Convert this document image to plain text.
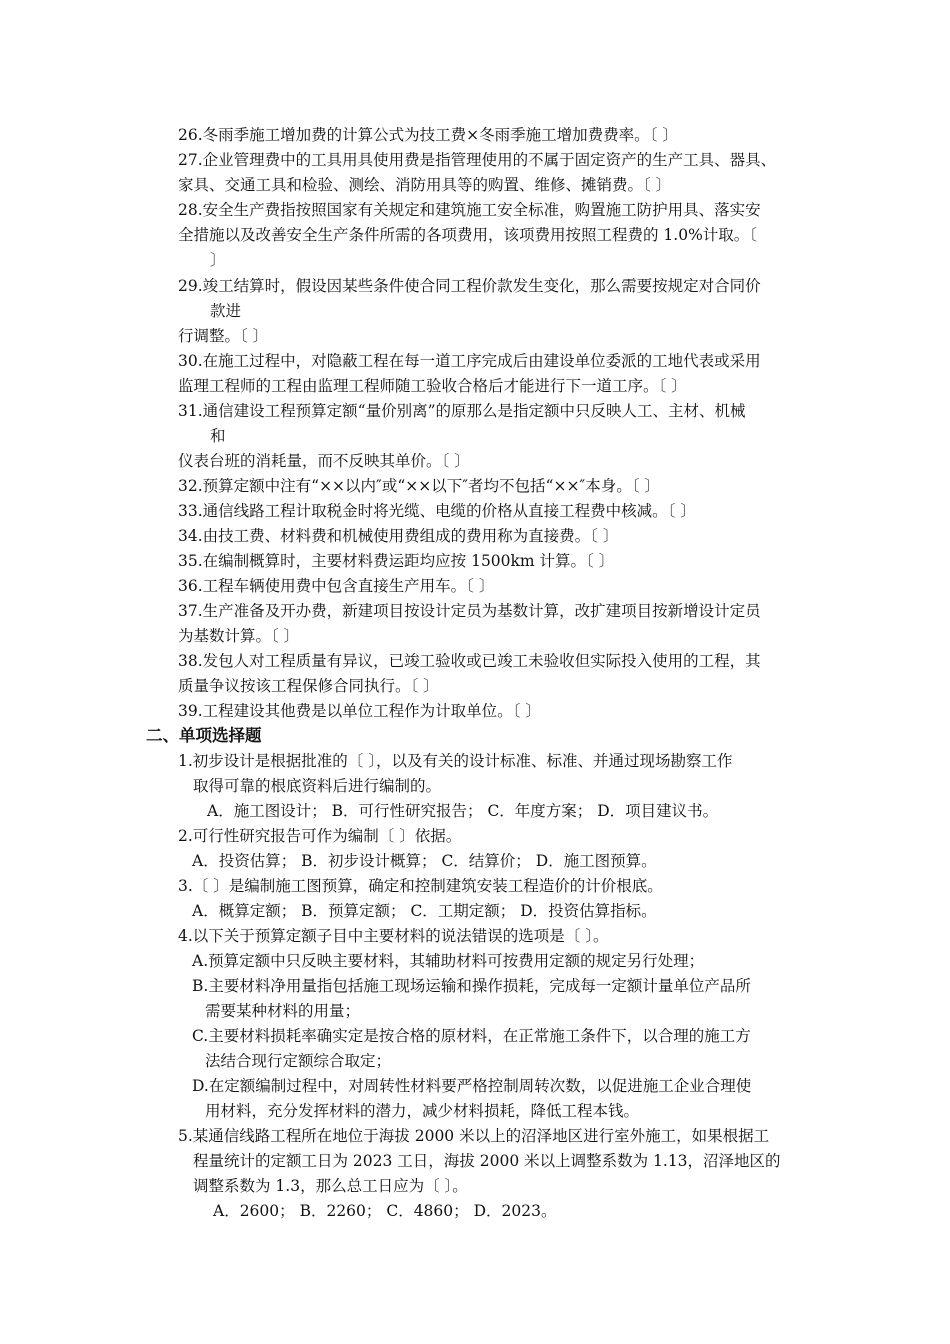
26.冬雨季施工增加费的计算公式为技工费×冬雨季施工增加费费率。〔 〕
27.企业管理费中的工具用具使用费是指管理使用的不属于固定资产的生产工具、器具、
家具、交通工具和检验、测绘、消防用具等的购置、维修、摊销费。〔 〕
28.安全生产费指按照国家有关规定和建筑施工安全标准，购置施工防护用具、落实安
全措施以及改善安全生产条件所需的各项费用，该项费用按照工程费的 1.0%计取。〔
〕
29.竣工结算时，假设因某些条件使合同工程价款发生变化，那么需要按规定对合同价
款进
行调整。〔 〕
30.在施工过程中，对隐蔽工程在每一道工序完成后由建设单位委派的工地代表或采用
监理工程师的工程由监理工程师随工验收合格后才能进行下一道工序。〔 〕
31.通信建设工程预算定额“量价别离”的原那么是指定额中只反映人工、主材、机械
和
仪表台班的消耗量，而不反映其单价。〔 〕
32.预算定额中注有“××以内″或“××以下″者均不包括“××″本身。〔 〕
33.通信线路工程计取税金时将光缆、电缆的价格从直接工程费中核减。〔 〕
34.由技工费、材料费和机械使用费组成的费用称为直接费。〔 〕
35.在编制概算时，主要材料费运距均应按 1500km 计算。〔 〕
36.工程车辆使用费中包含直接生产用车。〔 〕
37.生产准备及开办费，新建项目按设计定员为基数计算，改扩建项目按新增设计定员
为基数计算。〔 〕
38.发包人对工程质量有异议，已竣工验收或已竣工未验收但实际投入使用的工程，其
质量争议按该工程保修合同执行。〔 〕
39.工程建设其他费是以单位工程作为计取单位。〔 〕
二、单项选择题
1.初步设计是根据批准的〔 〕，以及有关的设计标准、标准、并通过现场勘察工作
取得可靠的根底资料后进行编制的。
A．施工图设计； B．可行性研究报告； C．年度方案； D．项目建议书。
2.可行性研究报告可作为编制〔 〕依据。
A．投资估算； B．初步设计概算； C．结算价； D．施工图预算。
3.〔 〕是编制施工图预算，确定和控制建筑安装工程造价的计价根底。
A．概算定额； B．预算定额； C．工期定额； D．投资估算指标。
4.以下关于预算定额子目中主要材料的说法错误的选项是〔 〕。
A.预算定额中只反映主要材料，其辅助材料可按费用定额的规定另行处理；
B.主要材料净用量指包括施工现场运输和操作损耗，完成每一定额计量单位产品所
需要某种材料的用量；
C.主要材料损耗率确实定是按合格的原材料，在正常施工条件下，以合理的施工方
法结合现行定额综合取定；
D.在定额编制过程中，对周转性材料要严格控制周转次数，以促进施工企业合理使
用材料，充分发挥材料的潜力，减少材料损耗，降低工程本钱。
5.某通信线路工程所在地位于海拔 2000 米以上的沼泽地区进行室外施工，如果根据工
程量统计的定额工日为 2023 工日，海拔 2000 米以上调整系数为 1.13，沼泽地区的
调整系数为 1.3，那么总工日应为〔 〕。
A．2600； B．2260； C．4860； D．2023。
